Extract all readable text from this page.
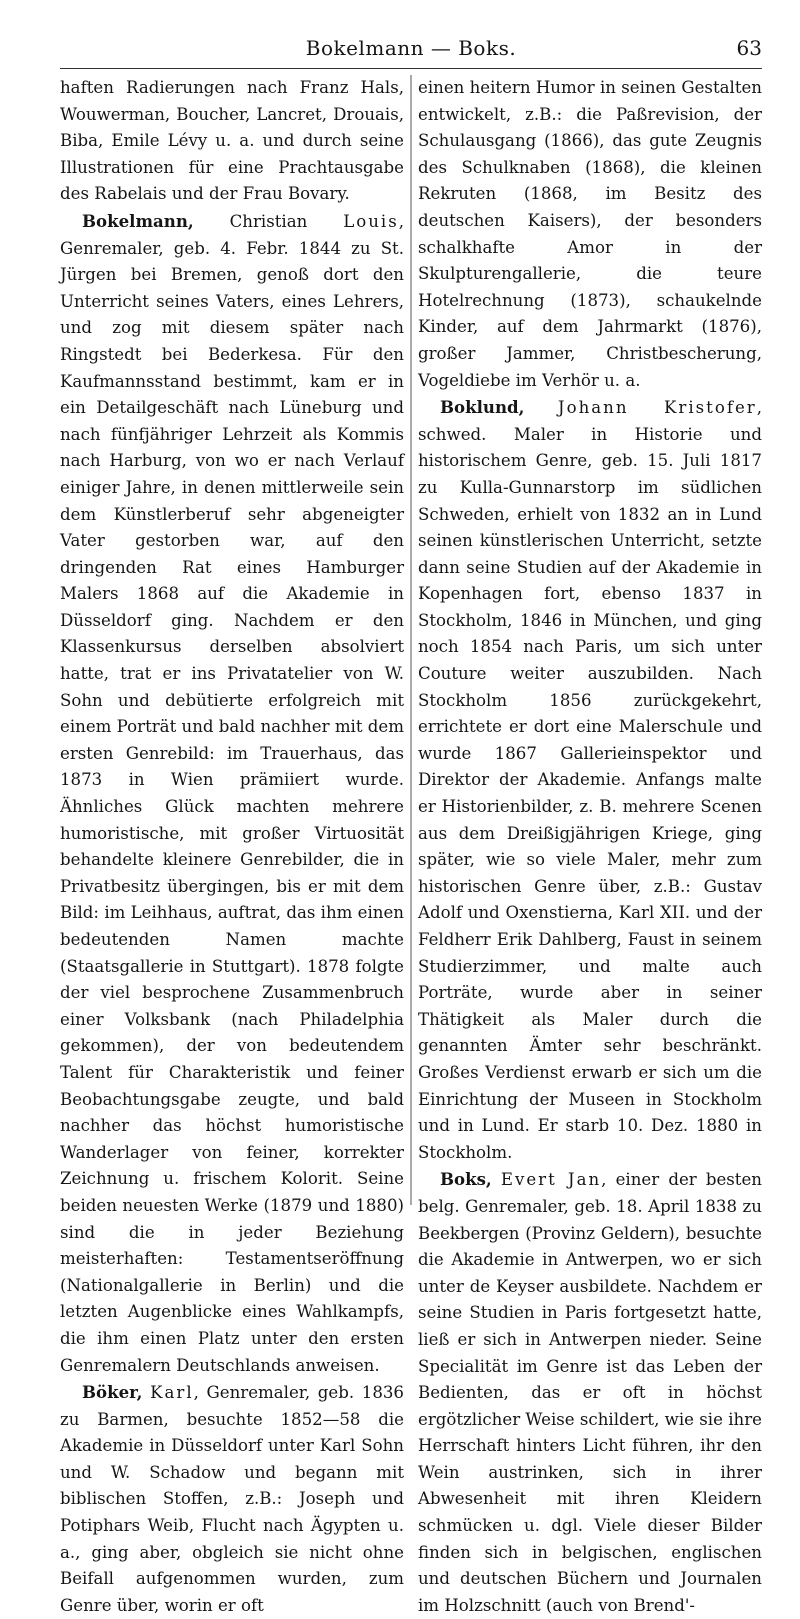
Bokelmann — Boks.	63

haften Radierungen nach Franz Hals, Wouwerman, Boucher, Lancret, Drouais, Biba, Emile Lévy u. a. und durch seine Illustrationen für eine Prachtausgabe des Rabelais und der Frau Bovary.

Bokelmann, Christian Louis, Genremaler, geb. 4. Febr. 1844 zu St. Jürgen bei Bremen, genoß dort den Unterricht seines Vaters, eines Lehrers, und zog mit diesem später nach Ringstedt bei Bederkesa. Für den Kaufmannsstand bestimmt, kam er in ein Detailgeschäft nach Lüneburg und nach fünfjähriger Lehrzeit als Kommis nach Harburg, von wo er nach Verlauf einiger Jahre, in denen mittlerweile sein dem Künstlerberuf sehr abgeneigter Vater gestorben war, auf den dringenden Rat eines Hamburger Malers 1868 auf die Akademie in Düsseldorf ging. Nachdem er den Klassenkursus derselben absolviert hatte, trat er ins Privatatelier von W. Sohn und debütierte erfolgreich mit einem Porträt und bald nachher mit dem ersten Genrebild: im Trauerhaus, das 1873 in Wien prämiiert wurde. Ähnliches Glück machten mehrere humoristische, mit großer Virtuosität behandelte kleinere Genrebilder, die in Privatbesitz übergingen, bis er mit dem Bild: im Leihhaus, auftrat, das ihm einen bedeutenden Namen machte (Staatsgallerie in Stuttgart). 1878 folgte der viel besprochene Zusammenbruch einer Volksbank (nach Philadelphia gekommen), der von bedeutendem Talent für Charakteristik und feiner Beobachtungsgabe zeugte, und bald nachher das höchst humoristische Wanderlager von feiner, korrekter Zeichnung u. frischem Kolorit. Seine beiden neuesten Werke (1879 und 1880) sind die in jeder Beziehung meisterhaften: Testamentseröffnung (Nationalgallerie in Berlin) und die letzten Augenblicke eines Wahlkampfs, die ihm einen Platz unter den ersten Genremalern Deutschlands anweisen.

Böker, Karl, Genremaler, geb. 1836 zu Barmen, besuchte 1852—58 die Akademie in Düsseldorf unter Karl Sohn und W. Schadow und begann mit biblischen Stoffen, z.B.: Joseph und Potiphars Weib, Flucht nach Ägypten u. a., ging aber, obgleich sie nicht ohne Beifall aufgenommen wurden, zum Genre über, worin er oft

einen heitern Humor in seinen Gestalten entwickelt, z.B.: die Paßrevision, der Schulausgang (1866), das gute Zeugnis des Schulknaben (1868), die kleinen Rekruten (1868, im Besitz des deutschen Kaisers), der besonders schalkhafte Amor in der Skulpturengallerie, die teure Hotelrechnung (1873), schaukelnde Kinder, auf dem Jahrmarkt (1876), großer Jammer, Christbescherung, Vogeldiebe im Verhör u. a.

Boklund, Johann Kristofer, schwed. Maler in Historie und historischem Genre, geb. 15. Juli 1817 zu Kulla-Gunnarstorp im südlichen Schweden, erhielt von 1832 an in Lund seinen künstlerischen Unterricht, setzte dann seine Studien auf der Akademie in Kopenhagen fort, ebenso 1837 in Stockholm, 1846 in München, und ging noch 1854 nach Paris, um sich unter Couture weiter auszubilden. Nach Stockholm 1856 zurückgekehrt, errichtete er dort eine Malerschule und wurde 1867 Gallerieinspektor und Direktor der Akademie. Anfangs malte er Historienbilder, z. B. mehrere Scenen aus dem Dreißigjährigen Kriege, ging später, wie so viele Maler, mehr zum historischen Genre über, z.B.: Gustav Adolf und Oxenstierna, Karl XII. und der Feldherr Erik Dahlberg, Faust in seinem Studierzimmer, und malte auch Porträte, wurde aber in seiner Thätigkeit als Maler durch die genannten Ämter sehr beschränkt. Großes Verdienst erwarb er sich um die Einrichtung der Museen in Stockholm und in Lund. Er starb 10. Dez. 1880 in Stockholm.

Boks, Evert Jan, einer der besten belg. Genremaler, geb. 18. April 1838 zu Beekbergen (Provinz Geldern), besuchte die Akademie in Antwerpen, wo er sich unter de Keyser ausbildete. Nachdem er seine Studien in Paris fortgesetzt hatte, ließ er sich in Antwerpen nieder. Seine Specialität im Genre ist das Leben der Bedienten, das er oft in höchst ergötzlicher Weise schildert, wie sie ihre Herrschaft hinters Licht führen, ihr den Wein austrinken, sich in ihrer Abwesenheit mit ihren Kleidern schmücken u. dgl. Viele dieser Bilder finden sich in belgischen, englischen und deutschen Büchern und Journalen im Holzschnitt (auch von Brend'-
